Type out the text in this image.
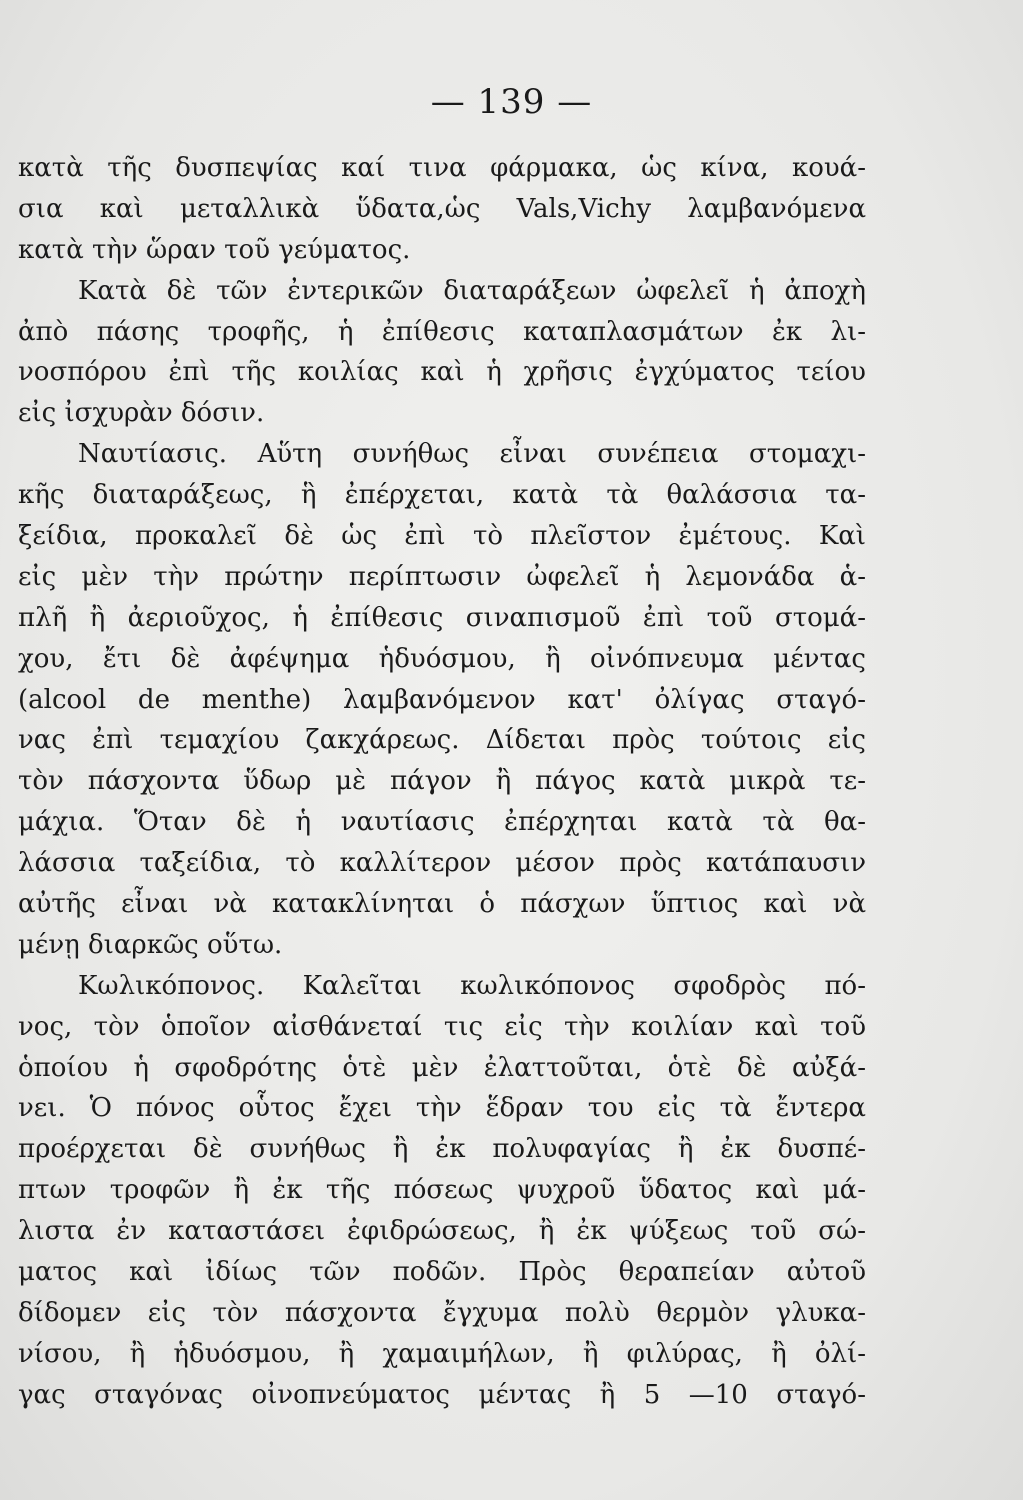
— 139 —
κατὰ τῆς δυσπεψίας καί τινα φάρμακα, ὡς κίνα, κουά-
σια καὶ μεταλλικὰ ὕδατα,ὡς Vals,Vichy λαμβανόμενα
κατὰ τὴν ὥραν τοῦ γεύματος.
Κατὰ δὲ τῶν ἐντερικῶν διαταράξεων ὠφελεῖ ἡ ἀποχὴ
ἀπὸ πάσης τροφῆς, ἡ ἐπίθεσις καταπλασμάτων ἐκ λι-
νοσπόρου ἐπὶ τῆς κοιλίας καὶ ἡ χρῆσις ἐγχύματος τείου
εἰς ἰσχυρὰν δόσιν.
Ναυτίασις. Αὕτη συνήθως εἶναι συνέπεια στομαχι-
κῆς διαταράξεως, ἣ ἐπέρχεται, κατὰ τὰ θαλάσσια τα-
ξείδια, προκαλεῖ δὲ ὡς ἐπὶ τὸ πλεῖστον ἐμέτους. Καὶ
εἰς μὲν τὴν πρώτην περίπτωσιν ὠφελεῖ ἡ λεμονάδα ἁ-
πλῆ ἢ ἀεριοῦχος, ἡ ἐπίθεσις σιναπισμοῦ ἐπὶ τοῦ στομά-
χου, ἔτι δὲ ἀφέψημα ἡδυόσμου, ἢ οἰνόπνευμα μέντας
(alcool de menthe) λαμβανόμενον κατ' ὀλίγας σταγό-
νας ἐπὶ τεμαχίου ζακχάρεως. Δίδεται πρὸς τούτοις εἰς
τὸν πάσχοντα ὕδωρ μὲ πάγον ἢ πάγος κατὰ μικρὰ τε-
μάχια. Ὅταν δὲ ἡ ναυτίασις ἐπέρχηται κατὰ τὰ θα-
λάσσια ταξείδια, τὸ καλλίτερον μέσον πρὸς κατάπαυσιν
αὐτῆς εἶναι νὰ κατακλίνηται ὁ πάσχων ὕπτιος καὶ νὰ
μένῃ διαρκῶς οὕτω.
Κωλικόπονος. Καλεῖται κωλικόπονος σφοδρὸς πό-
νος, τὸν ὁποῖον αἰσθάνεταί τις εἰς τὴν κοιλίαν καὶ τοῦ
ὁποίου ἡ σφοδρότης ὁτὲ μὲν ἐλαττοῦται, ὁτὲ δὲ αὐξά-
νει. Ὁ πόνος οὗτος ἔχει τὴν ἕδραν του εἰς τὰ ἔντερα
προέρχεται δὲ συνήθως ἢ ἐκ πολυφαγίας ἢ ἐκ δυσπέ-
πτων τροφῶν ἢ ἐκ τῆς πόσεως ψυχροῦ ὕδατος καὶ μά-
λιστα ἐν καταστάσει ἐφιδρώσεως, ἢ ἐκ ψύξεως τοῦ σώ-
ματος καὶ ἰδίως τῶν ποδῶν. Πρὸς θεραπείαν αὐτοῦ
δίδομεν εἰς τὸν πάσχοντα ἔγχυμα πολὺ θερμὸν γλυκα-
νίσου, ἢ ἡδυόσμου, ἢ χαμαιμήλων, ἢ φιλύρας, ἢ ὀλί-
γας σταγόνας οἰνοπνεύματος μέντας ἢ 5 —10 σταγό-
